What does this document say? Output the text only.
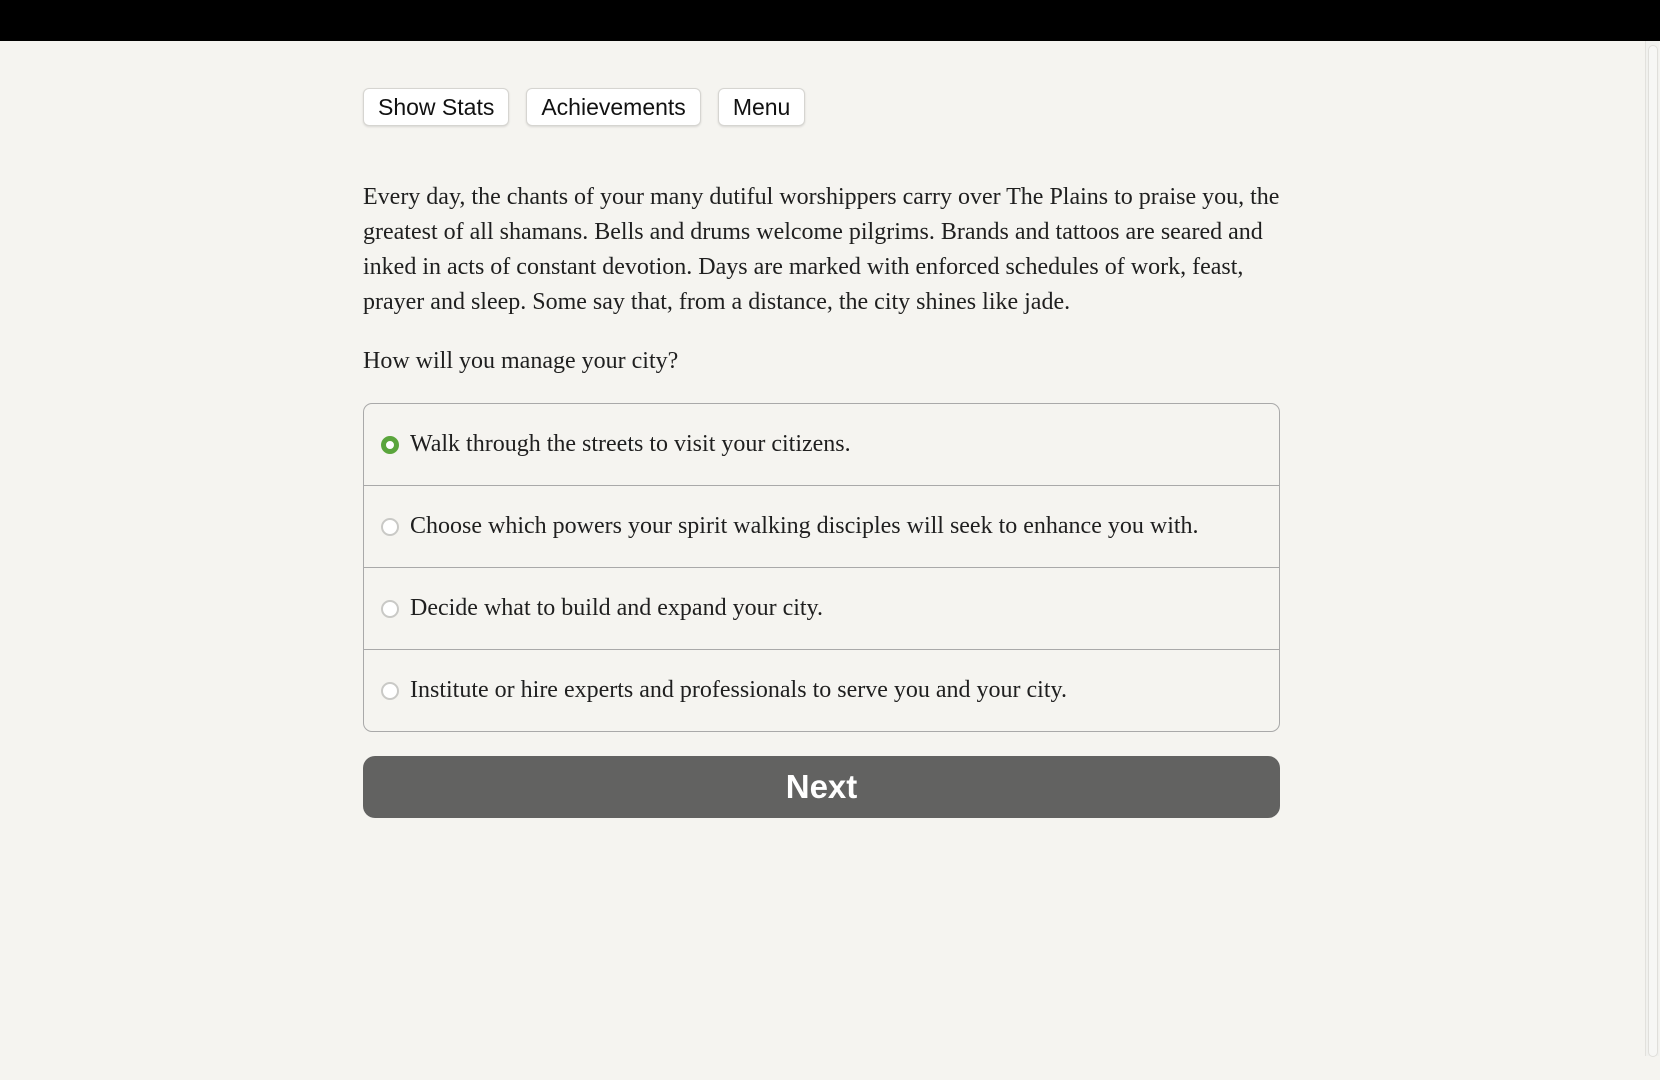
Show Stats	Achievements	Menu

Every day, the chants of your many dutiful worshippers carry over The Plains to praise you, the greatest of all shamans. Bells and drums welcome pilgrims. Brands and tattoos are seared and inked in acts of constant devotion. Days are marked with enforced schedules of work, feast, prayer and sleep. Some say that, from a distance, the city shines like jade.

How will you manage your city?

Walk through the streets to visit your citizens.
Choose which powers your spirit walking disciples will seek to enhance you with.
Decide what to build and expand your city.
Institute or hire experts and professionals to serve you and your city.
Next
